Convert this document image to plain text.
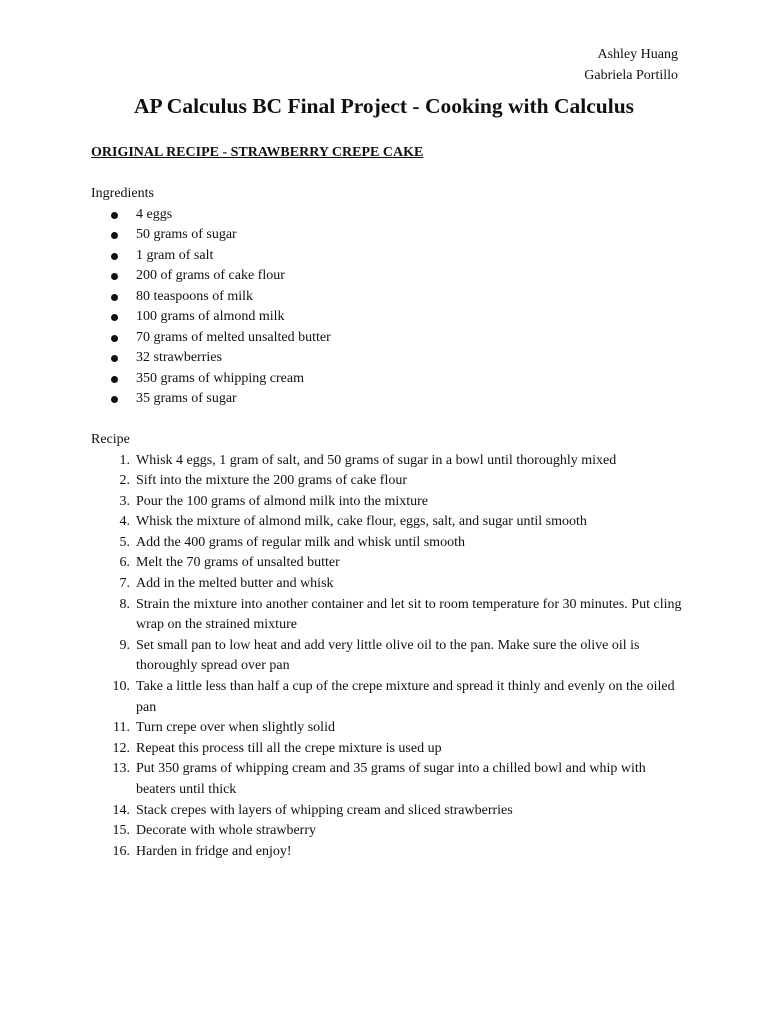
Ashley Huang
Gabriela Portillo
AP Calculus BC Final Project - Cooking with Calculus
ORIGINAL RECIPE - STRAWBERRY CREPE CAKE
Ingredients
4 eggs
50 grams of sugar
1 gram of salt
200 of grams of cake flour
80 teaspoons of milk
100 grams of almond milk
70 grams of melted unsalted butter
32 strawberries
350 grams of whipping cream
35 grams of sugar
Recipe
1. Whisk 4 eggs, 1 gram of salt, and 50 grams of sugar in a bowl until thoroughly mixed
2. Sift into the mixture the 200 grams of cake flour
3. Pour the 100 grams of almond milk into the mixture
4. Whisk the mixture of almond milk, cake flour, eggs, salt, and sugar until smooth
5. Add the 400 grams of regular milk and whisk until smooth
6. Melt the 70 grams of unsalted butter
7. Add in the melted butter and whisk
8. Strain the mixture into another container and let sit to room temperature for 30 minutes. Put cling wrap on the strained mixture
9. Set small pan to low heat and add very little olive oil to the pan. Make sure the olive oil is thoroughly spread over pan
10. Take a little less than half a cup of the crepe mixture and spread it thinly and evenly on the oiled pan
11. Turn crepe over when slightly solid
12. Repeat this process till all the crepe mixture is used up
13. Put 350 grams of whipping cream and 35 grams of sugar into a chilled bowl and whip with beaters until thick
14. Stack crepes with layers of whipping cream and sliced strawberries
15. Decorate with whole strawberry
16. Harden in fridge and enjoy!
